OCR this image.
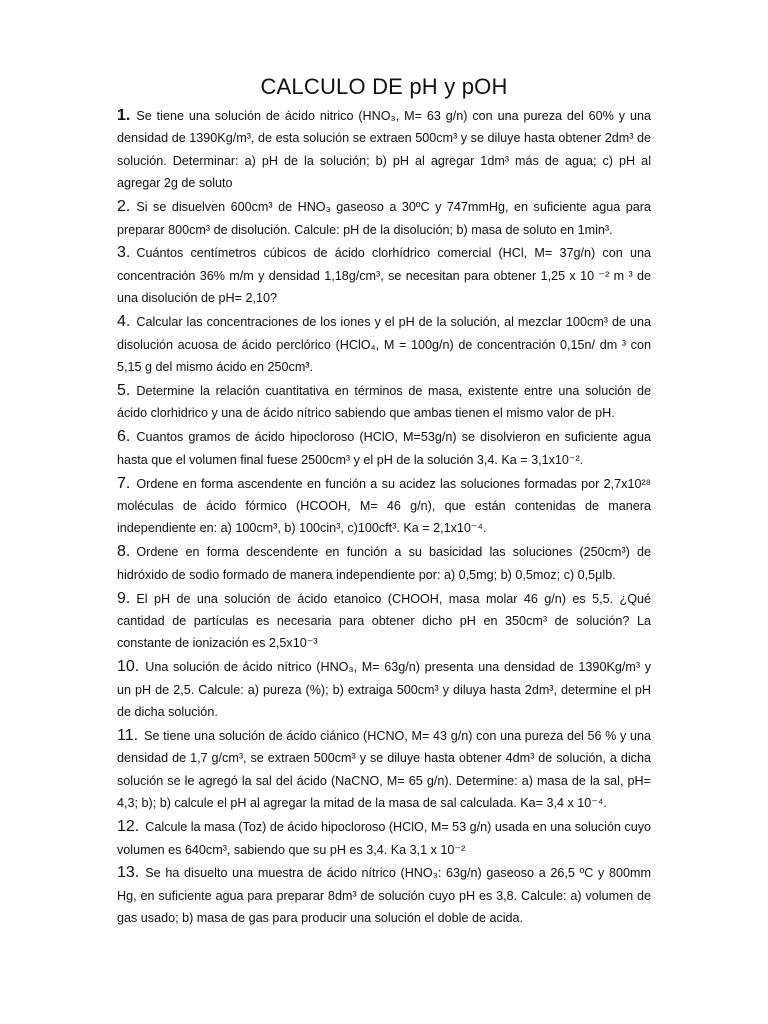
CALCULO DE pH y pOH
1. Se tiene una solución de ácido nitrico (HNO₃, M= 63 g/n) con una pureza del 60% y una densidad de 1390Kg/m³, de esta solución se extraen 500cm³ y se diluye hasta obtener 2dm³ de solución. Determinar: a) pH de la solución; b) pH al agregar 1dm³ más de agua; c) pH al agregar 2g de soluto
2. Si se disuelven 600cm³ de HNO₃ gaseoso a 30ºC y 747mmHg, en suficiente agua para preparar 800cm³ de disolución. Calcule: pH de la disolución; b) masa de soluto en 1min³.
3. Cuántos centímetros cúbicos de ácido clorhídrico comercial (HCl, M= 37g/n) con una concentración 36% m/m y densidad 1,18g/cm³, se necesitan para obtener 1,25 x 10 ⁻² m ³ de una disolución de pH= 2,10?
4. Calcular las concentraciones de los iones y el pH de la solución, al mezclar 100cm³ de una disolución acuosa de ácido perclórico (HClO₄, M = 100g/n) de concentración 0,15n/ dm ³ con 5,15 g del mismo ácido en 250cm³.
5. Determine la relación cuantitativa en términos de masa, existente entre una solución de ácido clorhidrico y una de ácido nítrico sabiendo que ambas tienen el mismo valor de pH.
6. Cuantos gramos de ácido hipocloroso (HClO, M=53g/n) se disolvieron en suficiente agua hasta que el volumen final fuese 2500cm³ y el pH de la solución 3,4. Ka = 3,1x10⁻².
7. Ordene en forma ascendente en función a su acidez las soluciones formadas por 2,7x10²⁸ moléculas de ácido fórmico (HCOOH, M= 46 g/n), que están contenidas de manera independiente en: a) 100cm³, b) 100cin³, c)100cft³. Ka = 2,1x10⁻⁴.
8. Ordene en forma descendente en función a su basicidad las soluciones (250cm³) de hidróxido de sodio formado de manera independiente por: a) 0,5mg; b) 0,5moz; c) 0,5μlb.
9. El pH de una solución de ácido etanoico (CHOOH, masa molar 46 g/n) es 5,5. ¿Qué cantidad de partículas es necesaria para obtener dicho pH en 350cm³ de solución? La constante de ionización es 2,5x10⁻³
10. Una solución de ácido nítrico (HNO₃, M= 63g/n) presenta una densidad de 1390Kg/m³ y un pH de 2,5. Calcule: a) pureza (%); b) extraiga 500cm³ y diluya hasta 2dm³, determine el pH de dicha solución.
11. Se tiene una solución de ácido ciánico (HCNO, M= 43 g/n) con una pureza del 56 % y una densidad de 1,7 g/cm³, se extraen 500cm³ y se diluye hasta obtener 4dm³ de solución, a dicha solución se le agregó la sal del ácido (NaCNO, M= 65 g/n). Determine: a) masa de la sal, pH= 4,3; b); b) calcule el pH al agregar la mitad de la masa de sal calculada. Ka= 3,4 x 10⁻⁴.
12. Calcule la masa (Toz) de ácido hipocloroso (HClO, M= 53 g/n) usada en una solución cuyo volumen es 640cm³, sabiendo que su pH es 3,4. Ka 3,1 x 10⁻²
13. Se ha disuelto una muestra de ácido nítrico (HNO₃: 63g/n) gaseoso a 26,5 ºC y 800mm Hg, en suficiente agua para preparar 8dm³ de solución cuyo pH es 3,8. Calcule: a) volumen de gas usado; b) masa de gas para producir una solución el doble de acida.
